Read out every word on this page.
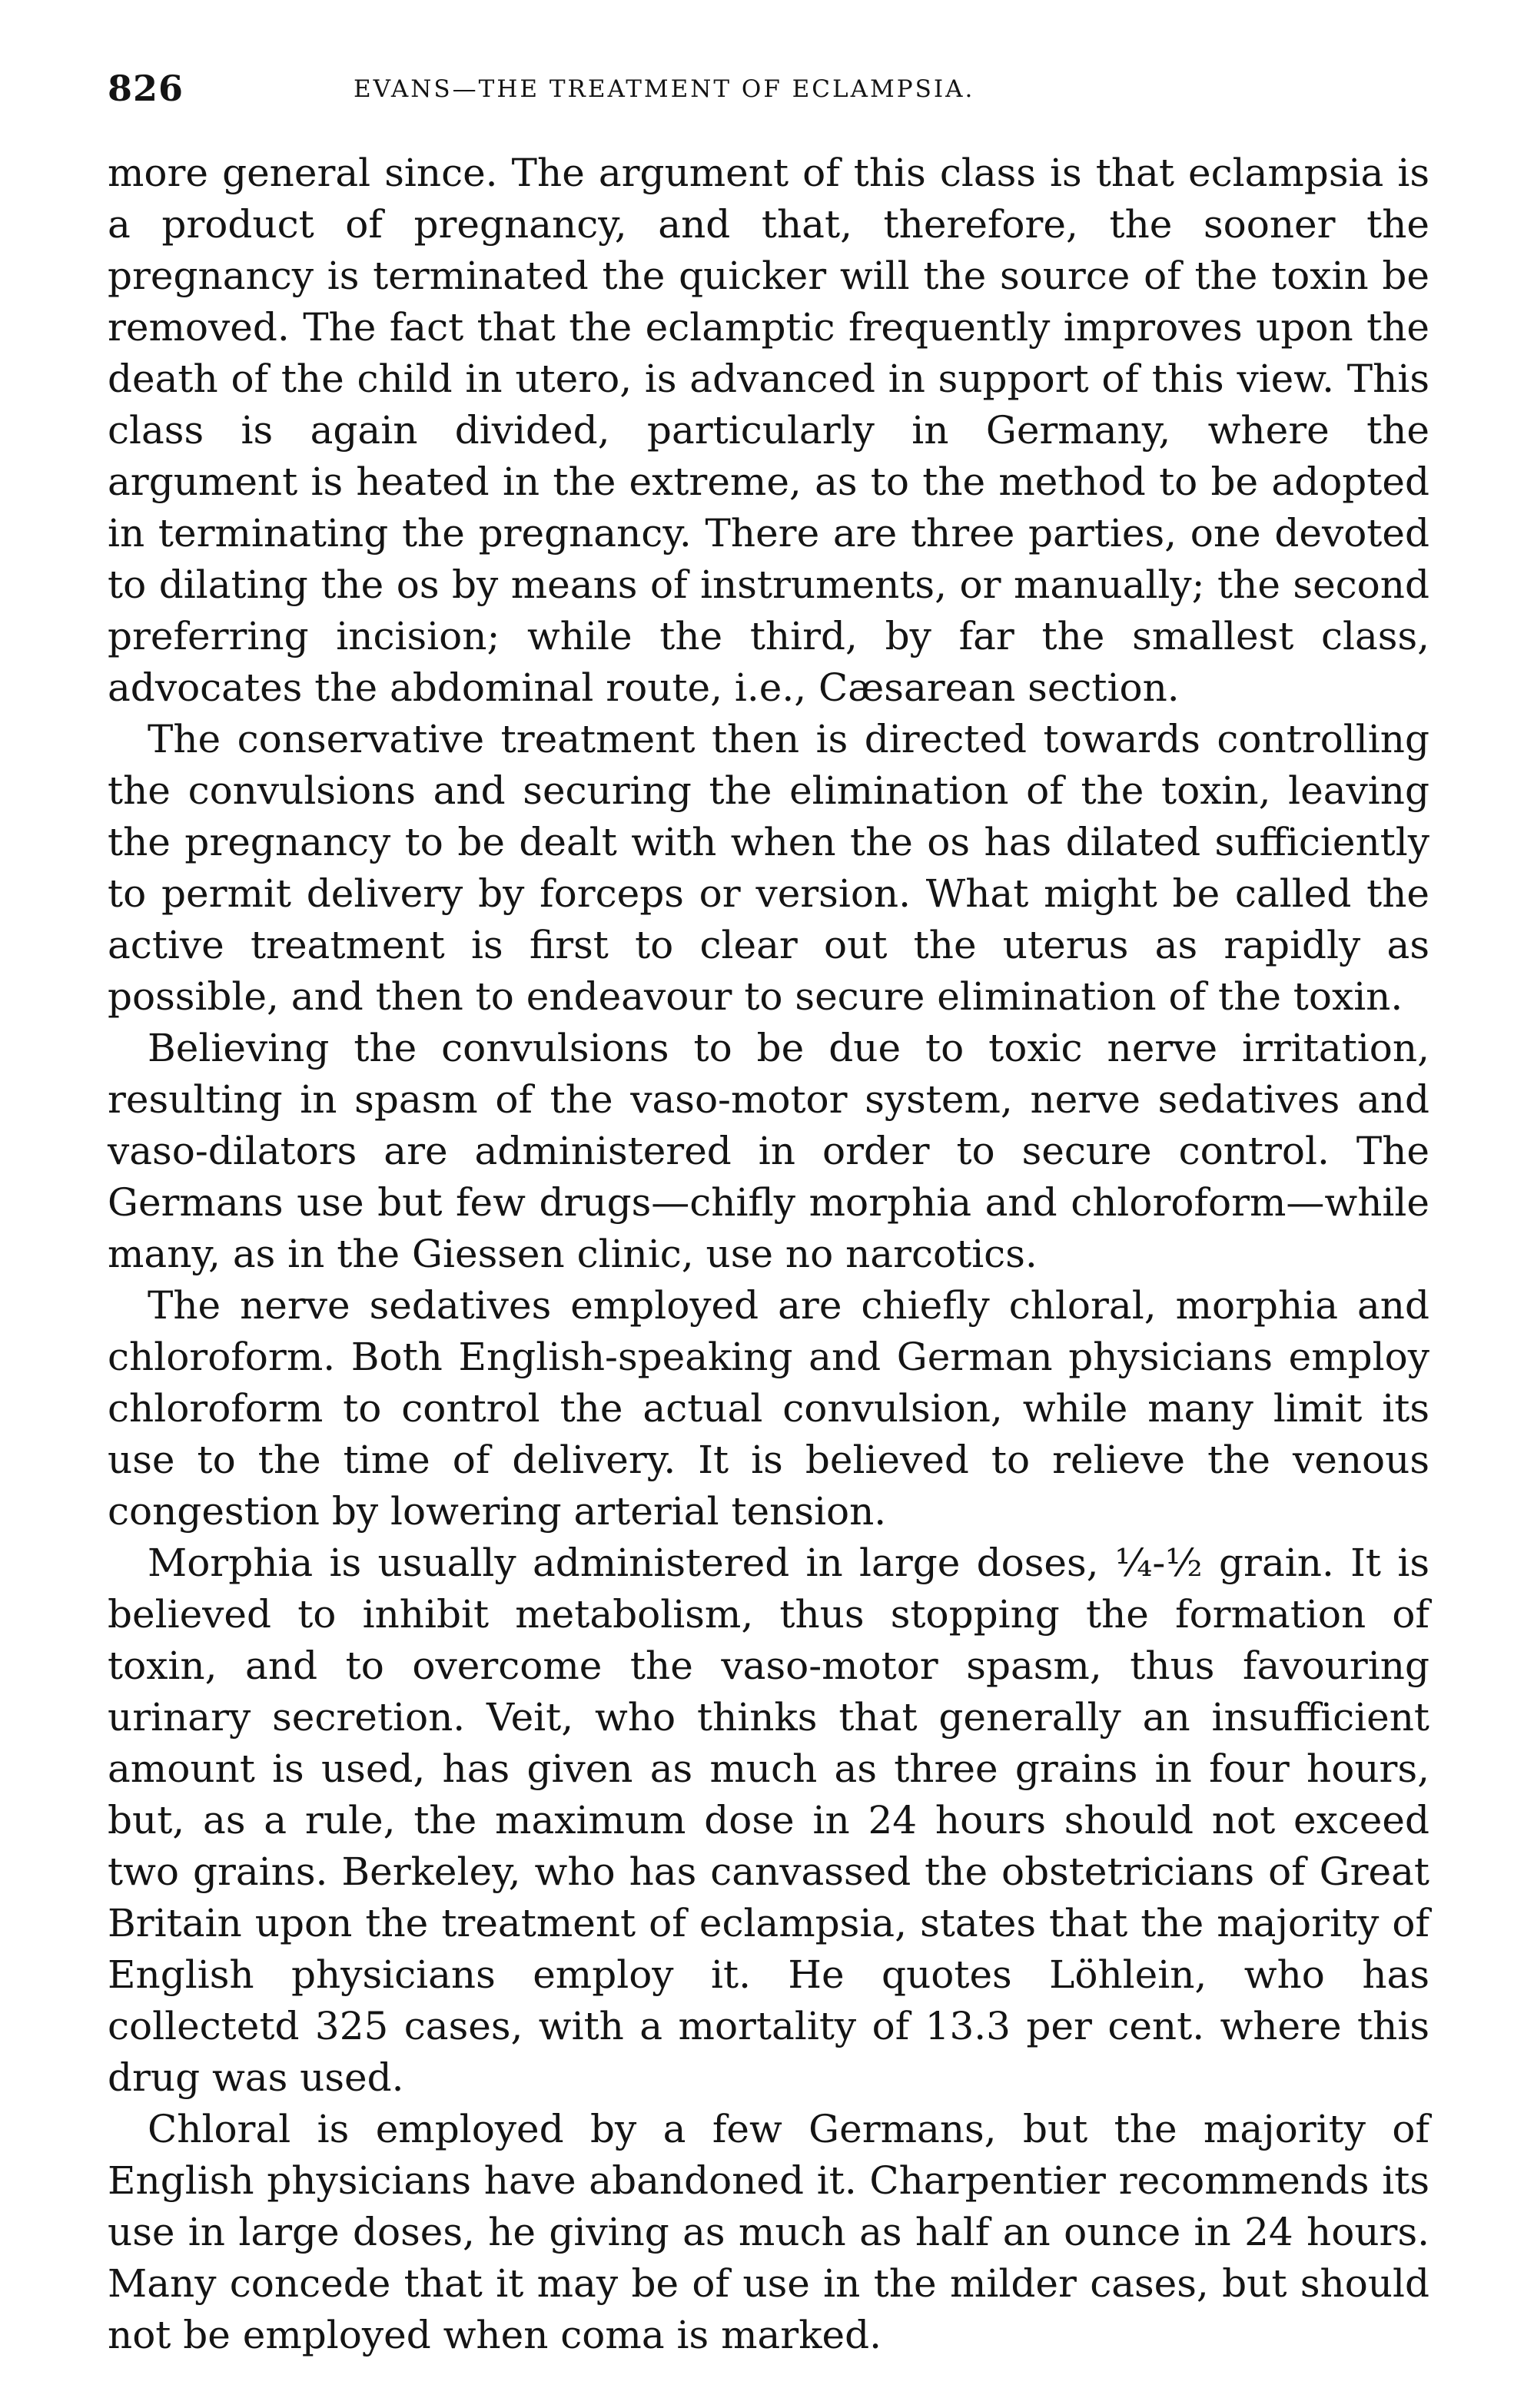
826	EVANS—THE TREATMENT OF ECLAMPSIA.

more general since. The argument of this class is that eclampsia is a product of pregnancy, and that, therefore, the sooner the pregnancy is terminated the quicker will the source of the toxin be removed. The fact that the eclamptic frequently improves upon the death of the child in utero, is advanced in support of this view. This class is again divided, particularly in Germany, where the argument is heated in the extreme, as to the method to be adopted in terminating the pregnancy. There are three parties, one devoted to dilating the os by means of instruments, or manually; the second preferring incision; while the third, by far the smallest class, advocates the abdominal route, i.e., Cæsarean section.

The conservative treatment then is directed towards controlling the convulsions and securing the elimination of the toxin, leaving the pregnancy to be dealt with when the os has dilated sufficiently to permit delivery by forceps or version. What might be called the active treatment is first to clear out the uterus as rapidly as possible, and then to endeavour to secure elimination of the toxin.

Believing the convulsions to be due to toxic nerve irritation, resulting in spasm of the vaso-motor system, nerve sedatives and vaso-dilators are administered in order to secure control. The Germans use but few drugs—chifly morphia and chloroform—while many, as in the Giessen clinic, use no narcotics.

The nerve sedatives employed are chiefly chloral, morphia and chloroform. Both English-speaking and German physicians employ chloroform to control the actual convulsion, while many limit its use to the time of delivery. It is believed to relieve the venous congestion by lowering arterial tension.

Morphia is usually administered in large doses, ¼-½ grain. It is believed to inhibit metabolism, thus stopping the formation of toxin, and to overcome the vaso-motor spasm, thus favouring urinary secretion. Veit, who thinks that generally an insufficient amount is used, has given as much as three grains in four hours, but, as a rule, the maximum dose in 24 hours should not exceed two grains. Berkeley, who has canvassed the obstetricians of Great Britain upon the treatment of eclampsia, states that the majority of English physicians employ it. He quotes Löhlein, who has collectetd 325 cases, with a mortality of 13.3 per cent. where this drug was used.

Chloral is employed by a few Germans, but the majority of English physicians have abandoned it. Charpentier recommends its use in large doses, he giving as much as half an ounce in 24 hours. Many concede that it may be of use in the milder cases, but should not be employed when coma is marked.
